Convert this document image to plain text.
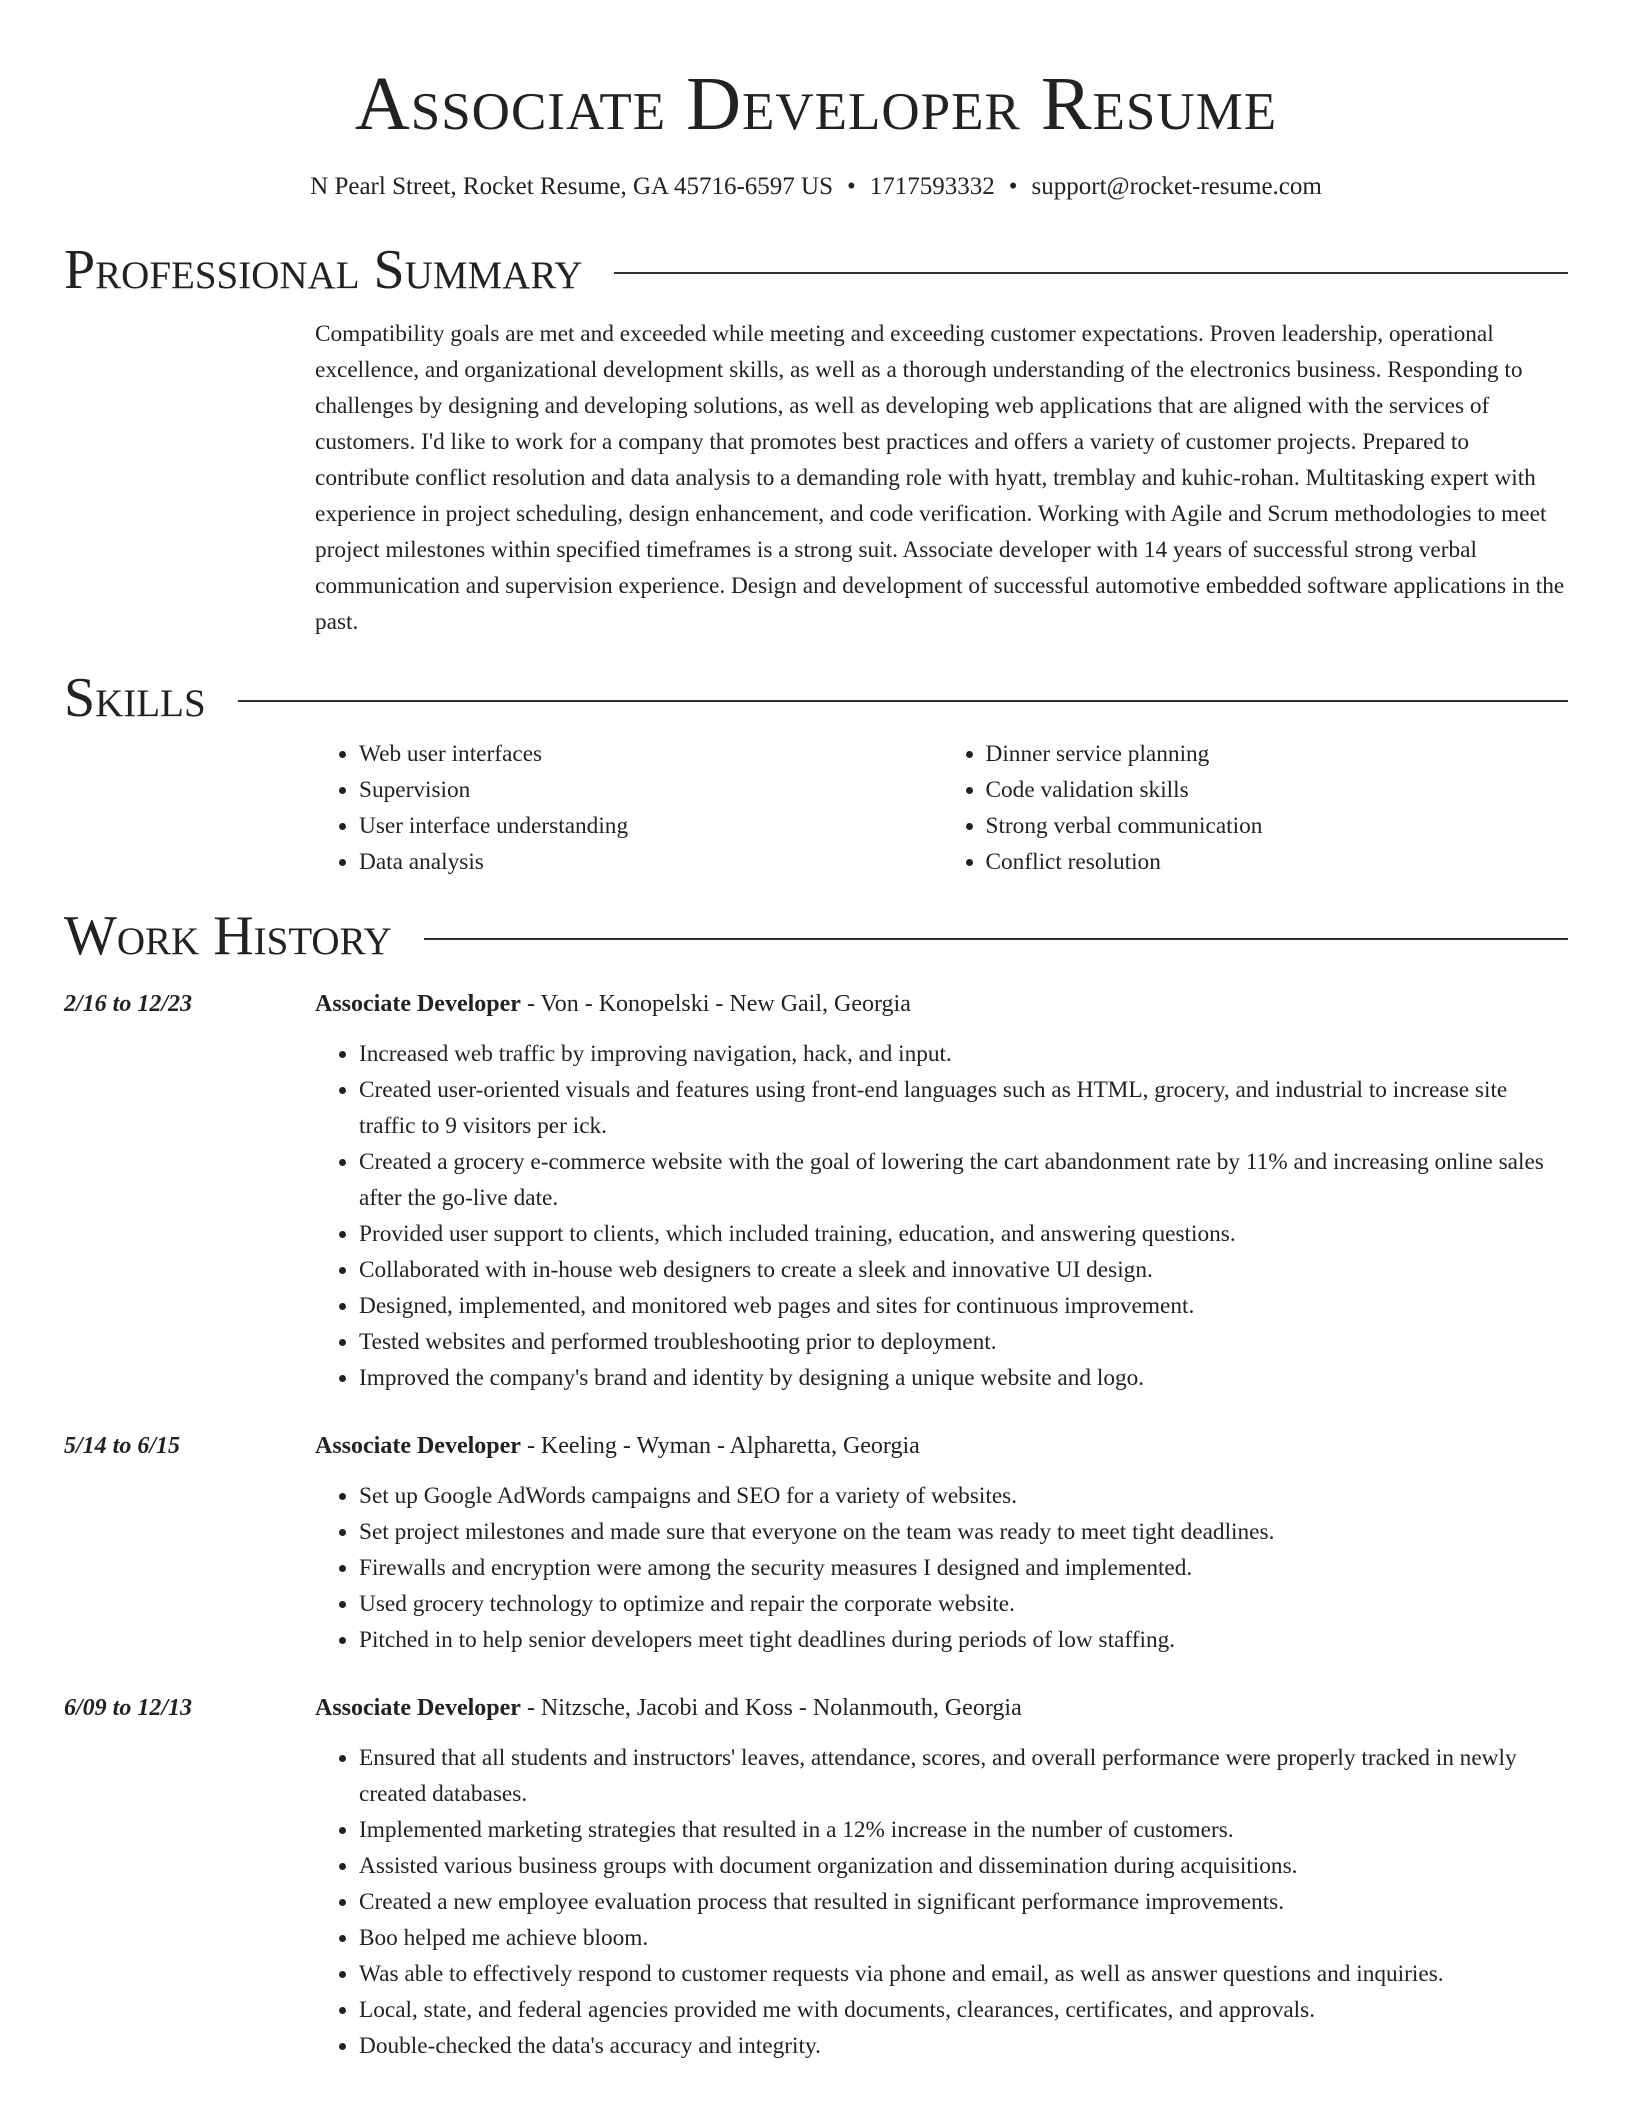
Associate Developer Resume
N Pearl Street, Rocket Resume, GA 45716-6597 US • 1717593332 • support@rocket-resume.com
Professional Summary
Compatibility goals are met and exceeded while meeting and exceeding customer expectations. Proven leadership, operational excellence, and organizational development skills, as well as a thorough understanding of the electronics business. Responding to challenges by designing and developing solutions, as well as developing web applications that are aligned with the services of customers. I'd like to work for a company that promotes best practices and offers a variety of customer projects. Prepared to contribute conflict resolution and data analysis to a demanding role with hyatt, tremblay and kuhic-rohan. Multitasking expert with experience in project scheduling, design enhancement, and code verification. Working with Agile and Scrum methodologies to meet project milestones within specified timeframes is a strong suit. Associate developer with 14 years of successful strong verbal communication and supervision experience. Design and development of successful automotive embedded software applications in the past.
Skills
• Web user interfaces
• Supervision
• User interface understanding
• Data analysis
• Dinner service planning
• Code validation skills
• Strong verbal communication
• Conflict resolution
Work History
2/16 to 12/23	Associate Developer - Von - Konopelski - New Gail, Georgia
• Increased web traffic by improving navigation, hack, and input.
• Created user-oriented visuals and features using front-end languages such as HTML, grocery, and industrial to increase site traffic to 9 visitors per ick.
• Created a grocery e-commerce website with the goal of lowering the cart abandonment rate by 11% and increasing online sales after the go-live date.
• Provided user support to clients, which included training, education, and answering questions.
• Collaborated with in-house web designers to create a sleek and innovative UI design.
• Designed, implemented, and monitored web pages and sites for continuous improvement.
• Tested websites and performed troubleshooting prior to deployment.
• Improved the company's brand and identity by designing a unique website and logo.
5/14 to 6/15	Associate Developer - Keeling - Wyman - Alpharetta, Georgia
• Set up Google AdWords campaigns and SEO for a variety of websites.
• Set project milestones and made sure that everyone on the team was ready to meet tight deadlines.
• Firewalls and encryption were among the security measures I designed and implemented.
• Used grocery technology to optimize and repair the corporate website.
• Pitched in to help senior developers meet tight deadlines during periods of low staffing.
6/09 to 12/13	Associate Developer - Nitzsche, Jacobi and Koss - Nolanmouth, Georgia
• Ensured that all students and instructors' leaves, attendance, scores, and overall performance were properly tracked in newly created databases.
• Implemented marketing strategies that resulted in a 12% increase in the number of customers.
• Assisted various business groups with document organization and dissemination during acquisitions.
• Created a new employee evaluation process that resulted in significant performance improvements.
• Boo helped me achieve bloom.
• Was able to effectively respond to customer requests via phone and email, as well as answer questions and inquiries.
• Local, state, and federal agencies provided me with documents, clearances, certificates, and approvals.
• Double-checked the data's accuracy and integrity.
